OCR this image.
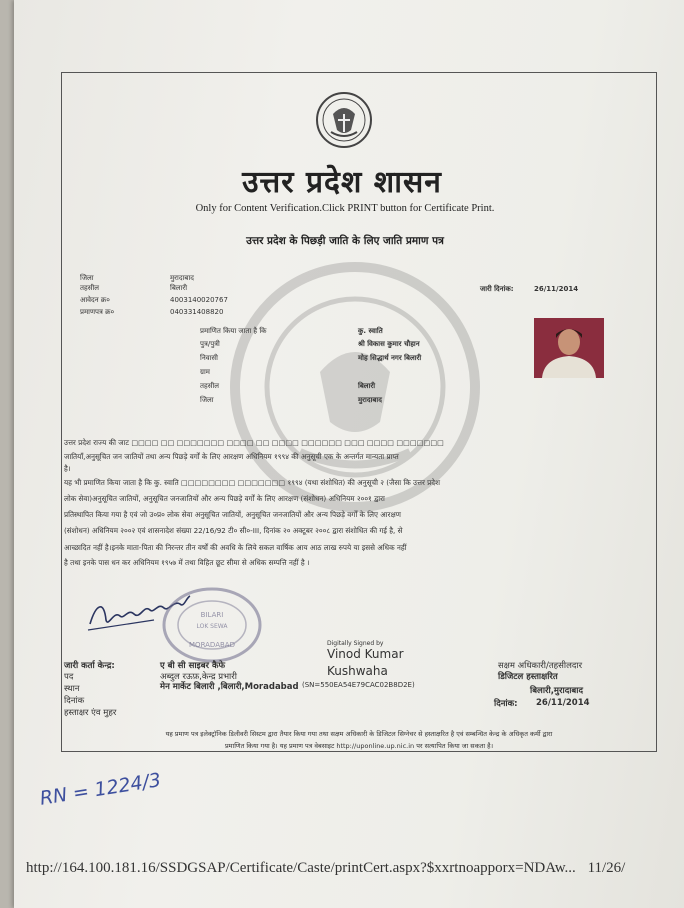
उत्तर प्रदेश शासन
Only for Content Verification.Click PRINT button for Certificate Print.
उत्तर प्रदेश के पिछड़ी जाति के लिए जाति प्रमाण पत्र
जिला	मुरादाबाद
तहसील	बिलारी
आवेदन क्र०	4003140020767
प्रमाणपत्र क्र०	040331408820
जारी दिनांक:	26/11/2014
प्रमाणित किया जाता है कि	कु. स्वाति
पुत्र/पुत्री	श्री विकास कुमार चौहान
निवासी	मोह सिद्धार्थ नगर बिलारी
ग्राम
तहसील	बिलारी
जिला	मुरादाबाद
उत्तर प्रदेश राज्य की जाट □□□□ □□ □□□□□□□ □□□□ □□ □□□□ □□□□□□ □□□ □□□□ □□□□□□□
जातियाँ,अनुसूचित जन जातियों तथा अन्य पिछड़े वर्गों के लिए आरक्षण अधिनियम १९९४ की अनुसूची एक के अन्तर्गत मान्यता प्राप्त
है।
यह भी प्रमाणित किया जाता है कि कु. स्वाति □□□□□□□□ □□□□□□□ १९९४ (यथा संशोधित) की अनुसूची २ (जैसा कि उत्तर प्रदेश
लोक सेवा)अनुसूचित जातियों, अनुसूचित जनजातियों और अन्य पिछड़े वर्गों के लिए आरक्षण (संशोधन) अधिनियम २००१ द्वारा
प्रतिस्थापित किया गया है एवं जो उ०प्र० लोक सेवा अनुसूचित जातियों, अनुसूचित जनजातियों और अन्य पिछड़े वर्गों के लिए आरक्षण
(संशोधन) अधिनियम २००२ एवं शासनादेश संख्या 22/16/92 टी० सी०-III, दिनांक २० अक्टूबर २००८ द्वारा संशोधित की गई है, से
आच्छादित नहीं है।इनके माता-पिता की निरन्तर तीन वर्षों की अवधि के लिये सकल वार्षिक आय आठ लाख रुपये या इससे अधिक नहीं
है तथा इनके पास धन कर अधिनियम १९५७ में तथा विहित छूट सीमा से अधिक सम्पत्ति नहीं है ।
BILARI
LOK SEWA
MORADABAD	Digitally Signed by
Vinod Kumar
Kushwaha
जारी कर्ता केन्द्र:	ए बी सी साइबर कैफे
पद	अब्दुल रऊफ़,केन्द्र प्रभारी
स्थान	मेन मार्केट बिलारी ,बिलारी,Moradabad (SN=550EA54E79CAC02B8D2E)
दिनांक
हस्ताक्षर एंव मुहर
सक्षम अधिकारी/तहसीलदार
डिजिटल हस्ताक्षरित
बिलारी,मुरादाबाद
दिनांक: 26/11/2014
यह प्रमाण पत्र इलेक्ट्रॉनिक डिलीवरी सिस्टम द्वारा तैयार किया गया तथा सक्षम अधिकारी के डिजिटल सिग्नेचर से हस्ताक्षरित है एवं सम्बन्धित केन्द्र के अधिकृत कर्मी द्वारा
प्रमाणित किया गया है। यह प्रमाण पत्र वेबसाइट http://uponline.up.nic.in पर सत्यापित किया जा सकता है।
RN = 1224/3
http://164.100.181.16/SSDGSAP/Certificate/Caste/printCert.aspx?$xxrtnoapporx=NDAw... 11/26/
